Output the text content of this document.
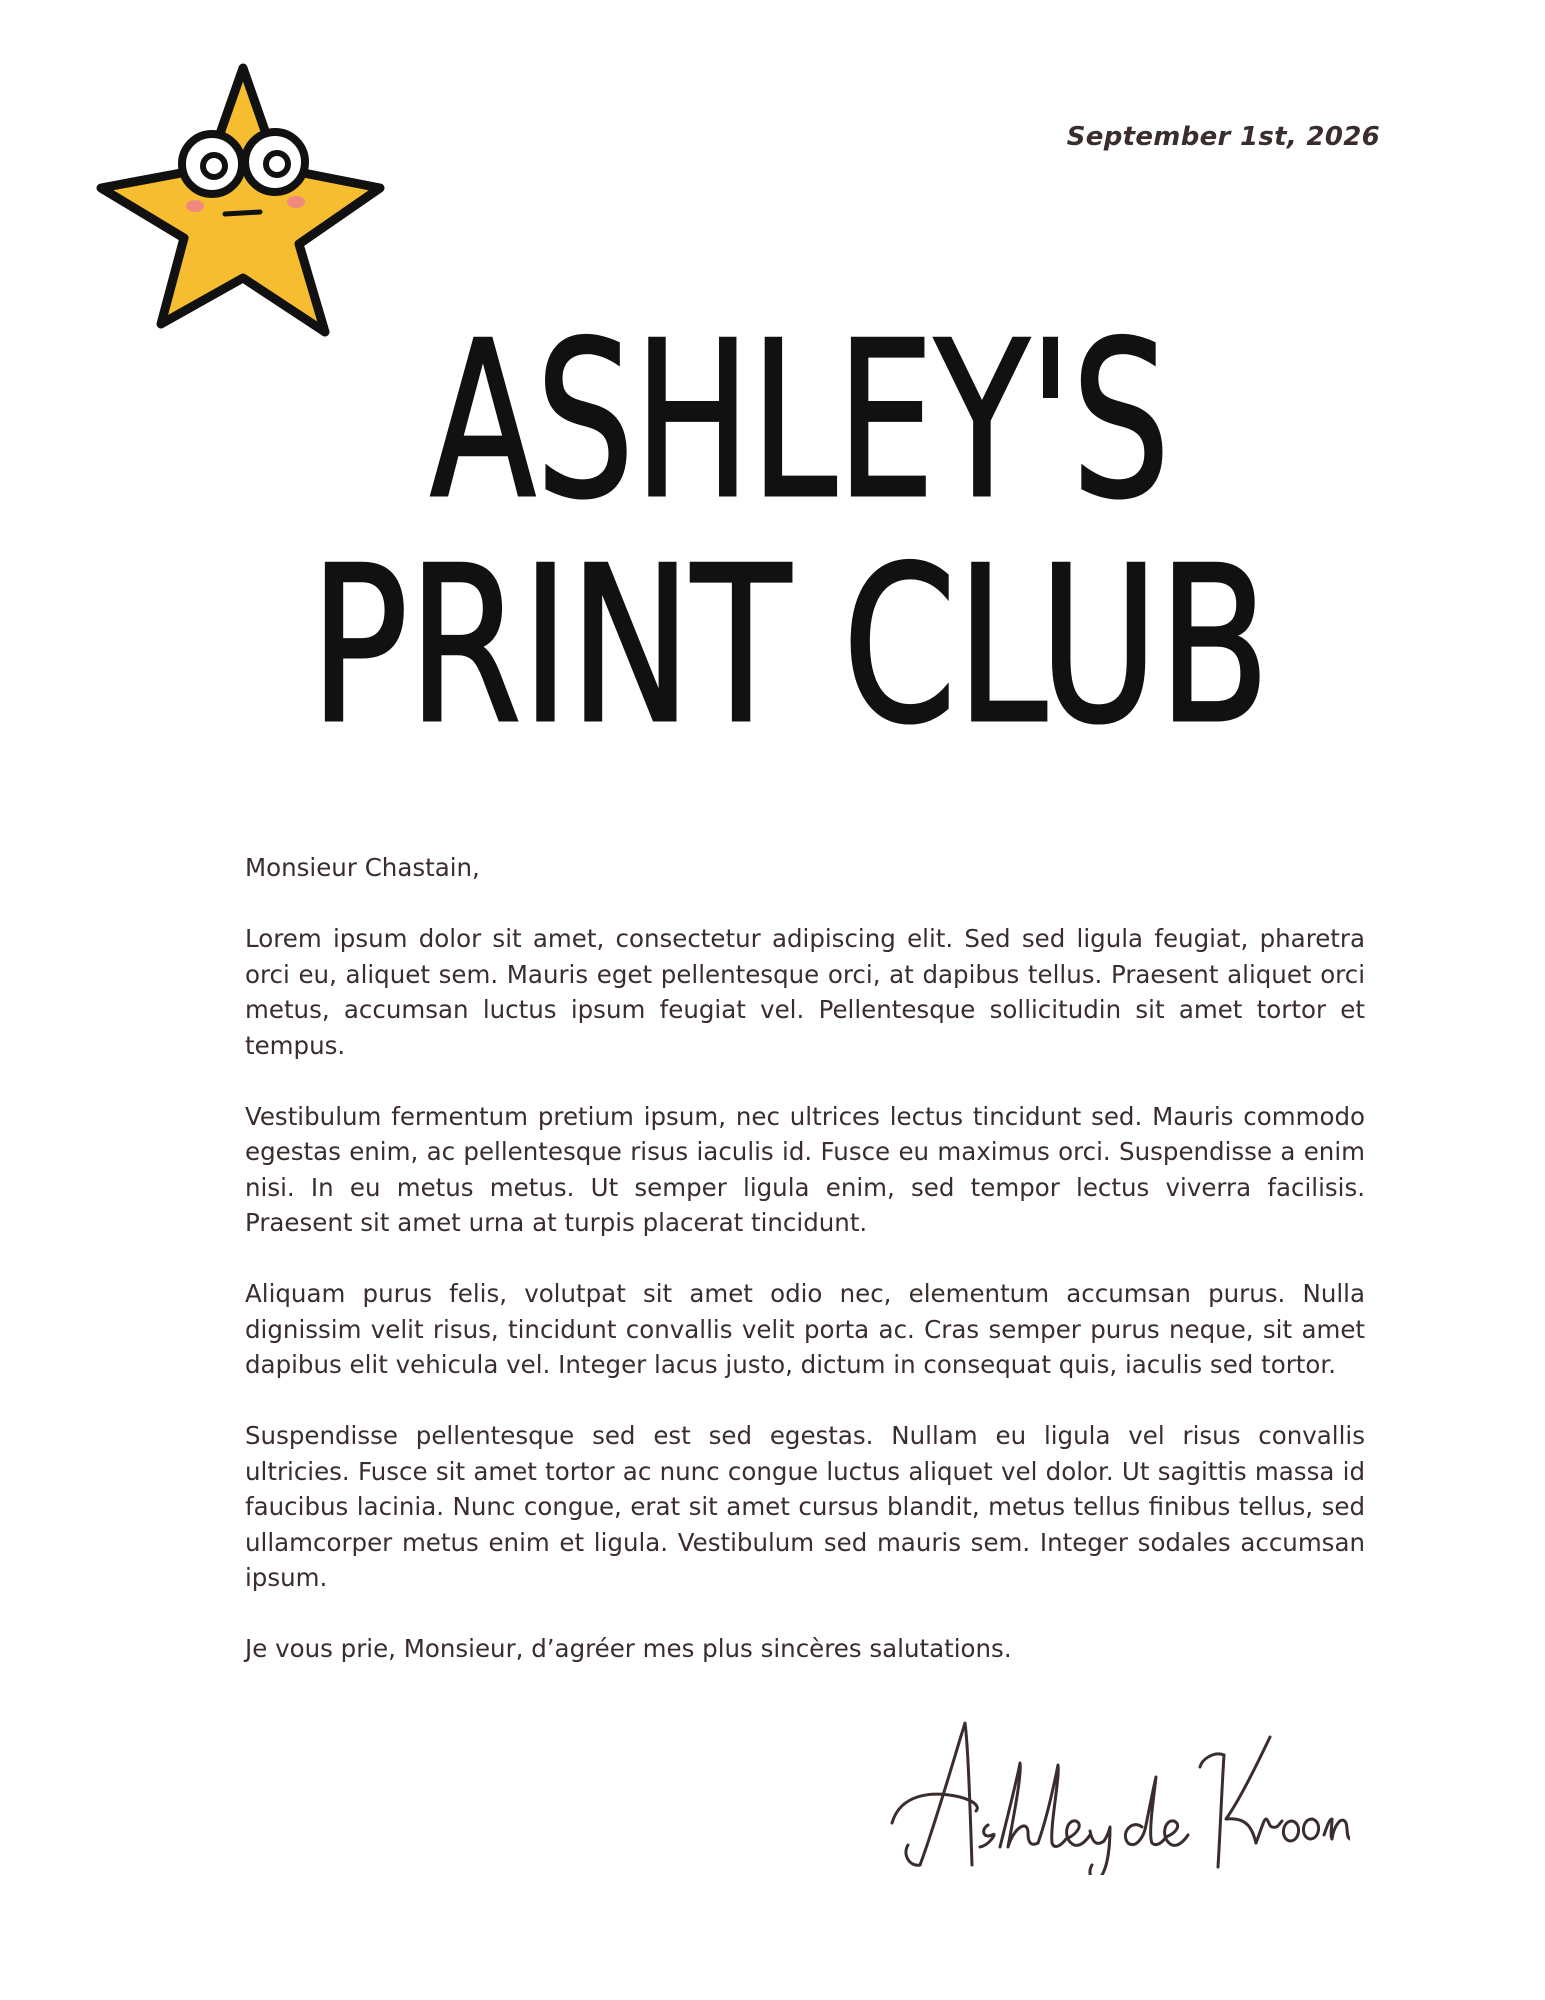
September 1st, 2026
ASHLEY'S
PRINT CLUB

Monsieur Chastain,

Lorem ipsum dolor sit amet, consectetur adipiscing elit. Sed sed ligula feugiat, pharetra orci eu, aliquet sem. Mauris eget pellentesque orci, at dapibus tellus. Praesent aliquet orci metus, accumsan luctus ipsum feugiat vel. Pellentesque sollicitudin sit amet tortor et tempus.

Vestibulum fermentum pretium ipsum, nec ultrices lectus tincidunt sed. Mauris commodo egestas enim, ac pellentesque risus iaculis id. Fusce eu maximus orci. Suspendisse a enim nisi. In eu metus metus. Ut semper ligula enim, sed tempor lectus viverra facilisis. Praesent sit amet urna at turpis placerat tincidunt.

Aliquam purus felis, volutpat sit amet odio nec, elementum accumsan purus. Nulla dignissim velit risus, tincidunt convallis velit porta ac. Cras semper purus neque, sit amet dapibus elit vehicula vel. Integer lacus justo, dictum in consequat quis, iaculis sed tortor.

Suspendisse pellentesque sed est sed egestas. Nullam eu ligula vel risus convallis ultricies. Fusce sit amet tortor ac nunc congue luctus aliquet vel dolor. Ut sagittis massa id faucibus lacinia. Nunc congue, erat sit amet cursus blandit, metus tellus finibus tellus, sed ullamcorper metus enim et ligula. Vestibulum sed mauris sem. Integer sodales accumsan ipsum.

Je vous prie, Monsieur, d’agréer mes plus sincères salutations.
